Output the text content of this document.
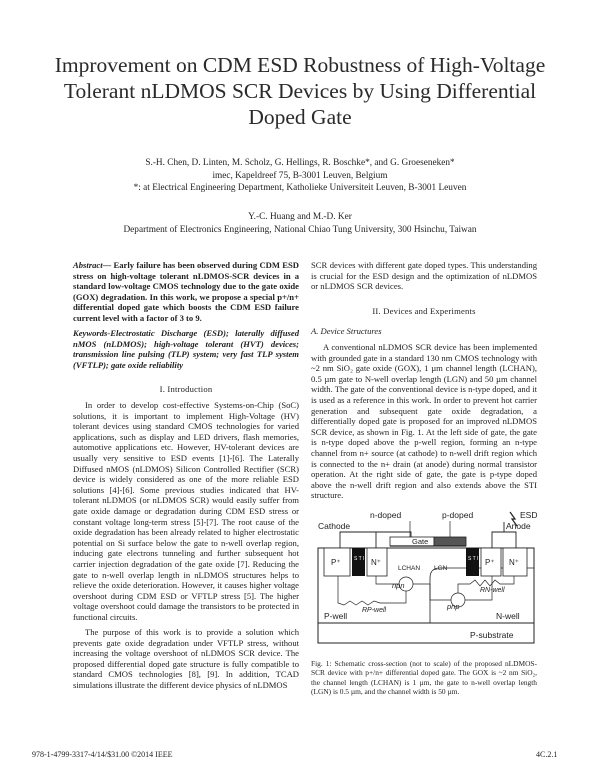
Improvement on CDM ESD Robustness of High-Voltage Tolerant nLDMOS SCR Devices by Using Differential Doped Gate
S.-H. Chen, D. Linten, M. Scholz, G. Hellings, R. Boschke*, and G. Groeseneken*
imec, Kapeldreef 75, B-3001 Leuven, Belgium
*: at Electrical Engineering Department, Katholieke Universiteit Leuven, B-3001 Leuven
Y.-C. Huang and M.-D. Ker
Department of Electronics Engineering, National Chiao Tung University, 300 Hsinchu, Taiwan
Abstract— Early failure has been observed during CDM ESD stress on high-voltage tolerant nLDMOS-SCR devices in a standard low-voltage CMOS technology due to the gate oxide (GOX) degradation. In this work, we propose a special p+/n+ differential doped gate which boosts the CDM ESD failure current level with a factor of 3 to 9.
Keywords-Electrostatic Discharge (ESD); laterally diffused nMOS (nLDMOS); high-voltage tolerant (HVT) devices; transmission line pulsing (TLP) system; very fast TLP system (VFTLP); gate oxide reliability
I. Introduction
In order to develop cost-effective Systems-on-Chip (SoC) solutions, it is important to implement High-Voltage (HV) tolerant devices using standard CMOS technologies for varied applications, such as display and LED drivers, flash memories, automotive applications etc. However, HV-tolerant devices are usually very sensitive to ESD events [1]-[6]. The Laterally Diffused nMOS (nLDMOS) Silicon Controlled Rectifier (SCR) device is widely considered as one of the more reliable ESD solutions [4]-[6]. Some previous studies indicated that HV-tolerant nLDMOS (or nLDMOS SCR) would easily suffer from gate oxide damage or degradation during CDM ESD stress or constant voltage long-term stress [5]-[7]. The root cause of the oxide degradation has been already related to higher electrostatic potential on Si surface below the gate to n-well overlap region, inducing gate electrons tunneling and further subsequent hot carrier injection degradation of the gate oxide [7]. Reducing the gate to n-well overlap length in nLDMOS structures helps to relieve the oxide deterioration. However, it causes higher voltage overshoot during CDM ESD or VFTLP stress [5]. The higher voltage overshoot could damage the transistors to be protected in functional circuits.
The purpose of this work is to provide a solution which prevents gate oxide degradation under VFTLP stress, without increasing the voltage overshoot of nLDMOS SCR device. The proposed differential doped gate structure is fully compatible to standard CMOS technologies [8], [9]. In addition, TCAD simulations illustrate the different device physics of nLDMOS
SCR devices with different gate doped types. This understanding is crucial for the ESD design and the optimization of nLDMOS or nLDMOS SCR devices.
II. Devices and Experiments
A. Device Structures
A conventional nLDMOS SCR device has been implemented with grounded gate in a standard 130 nm CMOS technology with ~2 nm SiO₂ gate oxide (GOX), 1 µm channel length (LCHAN), 0.5 µm gate to N-well overlap length (LGN) and 50 µm channel width. The gate of the conventional device is n-type doped, and it is used as a reference in this work. In order to prevent hot carrier generation and subsequent gate oxide degradation, a differentially doped gate is proposed for an improved nLDMOS SCR device, as shown in Fig. 1. At the left side of gate, the gate is n-type doped above the p-well region, forming an n-type channel from n+ source (at cathode) to n-well drift region which is connected to the n+ drain (at anode) during normal transistor operation. At the right side of gate, the gate is p-type doped above the n-well drift region and also extends above the STI structure.
Cathode	Anode
n-doped	p-doped	ESD
Gate
P⁺	N⁺	P⁺ N⁺
S T I	S T I
LCHAN LGN
npn
pnp
RP-well
RN-well
P-well	N-well
P-substrate
Fig. 1: Schematic cross-section (not to scale) of the proposed nLDMOS-SCR device with p+/n+ differential doped gate. The GOX is ~2 nm SiO₂, the channel length (LCHAN) is 1 µm, the gate to n-well overlap length (LGN) is 0.5 µm, and the channel width is 50 µm.
978-1-4799-3317-4/14/$31.00 ©2014 IEEE	4C.2.1
